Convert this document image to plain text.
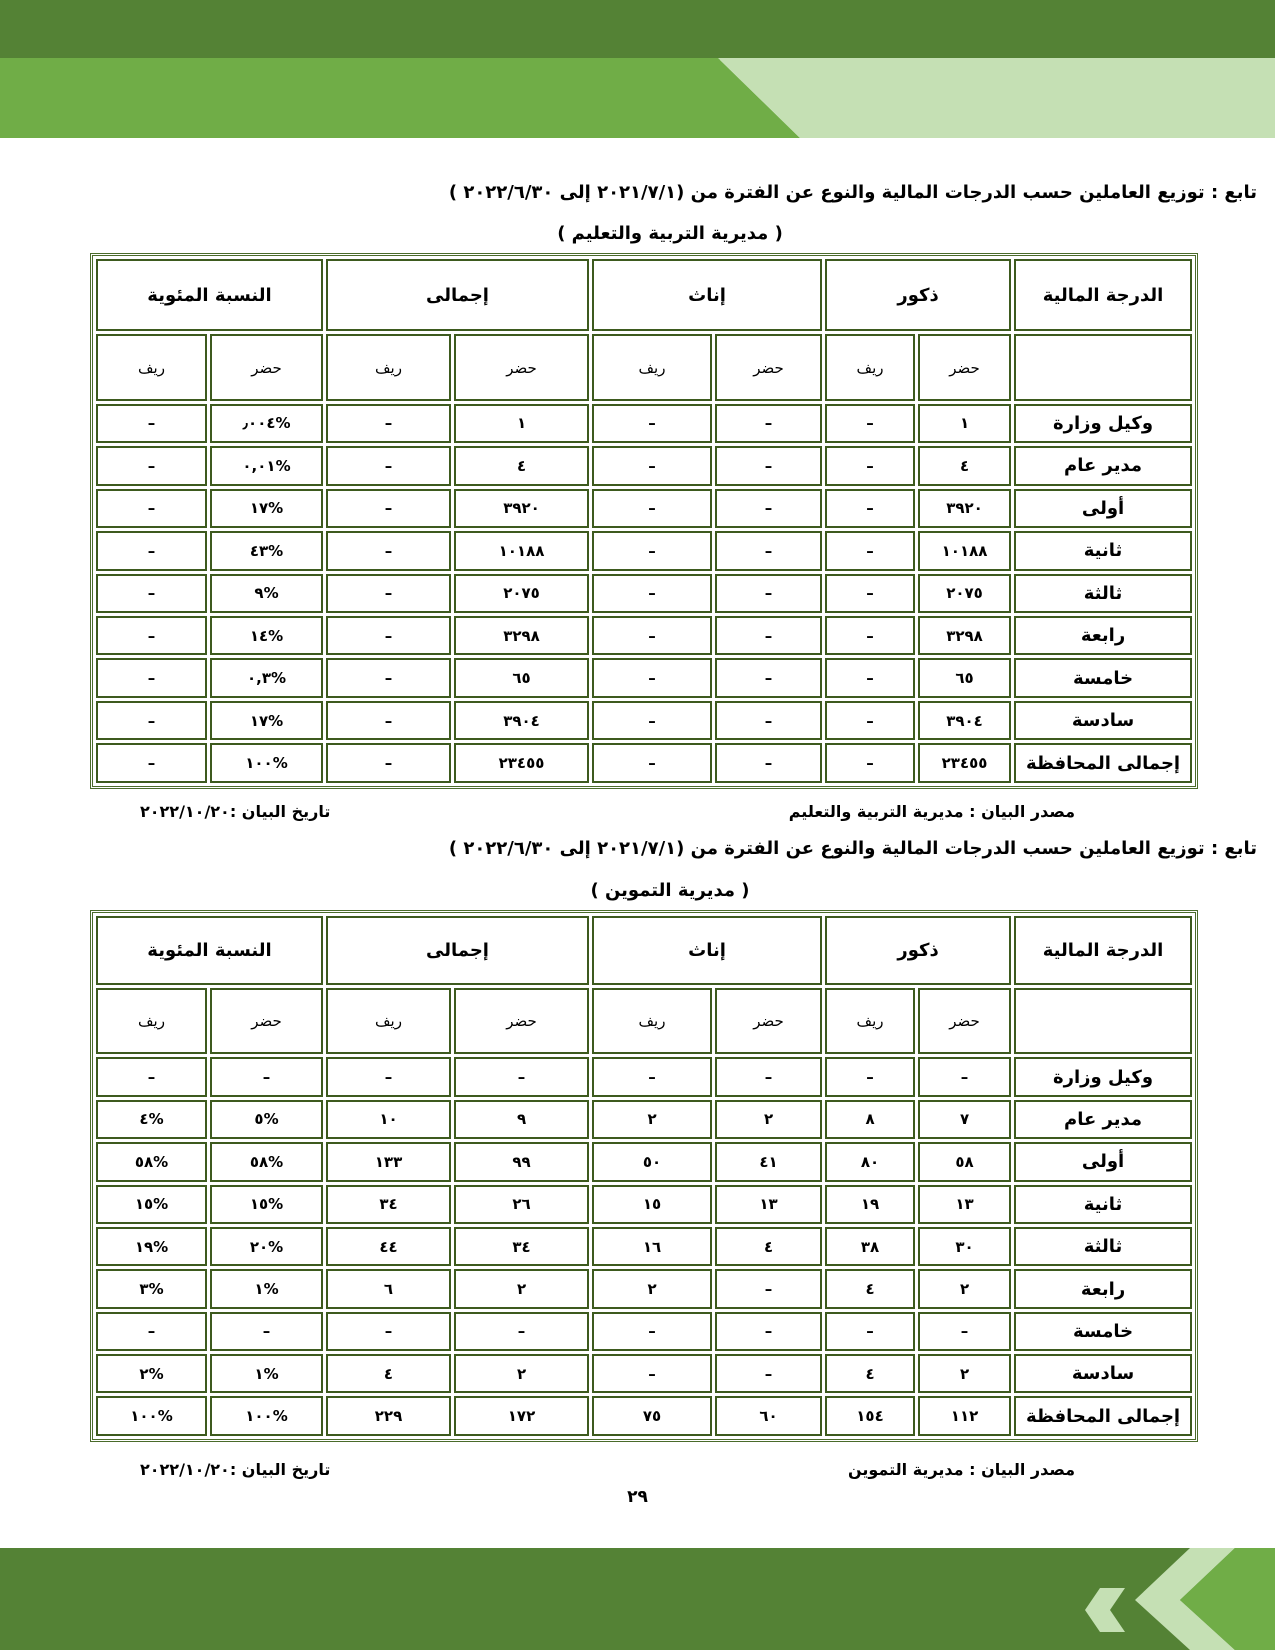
تابع : توزيع العاملين حسب الدرجات المالية والنوع عن الفترة من (٢٠٢١/٧/١ إلى ٢٠٢٢/٦/٣٠ )
( مديرية التربية والتعليم )
الدرجة المالية	ذكور		إناث		إجمالى		النسبة المئوية	
	حضر	ريف	حضر	ريف	حضر	ريف	حضر	ريف
وكيل وزارة	١	–	–	–	١	–	%٫٠٠٤	–
مدير عام	٤	–	–	–	٤	–	%٠,٠١	–
أولى	٣٩٢٠	–	–	–	٣٩٢٠	–	%١٧	–
ثانية	١٠١٨٨	–	–	–	١٠١٨٨	–	%٤٣	–
ثالثة	٢٠٧٥	–	–	–	٢٠٧٥	–	%٩	–
رابعة	٣٢٩٨	–	–	–	٣٢٩٨	–	%١٤	–
خامسة	٦٥	–	–	–	٦٥	–	%٠,٣	–
سادسة	٣٩٠٤	–	–	–	٣٩٠٤	–	%١٧	–
إجمالى المحافظة	٢٣٤٥٥	–	–	–	٢٣٤٥٥	–	%١٠٠	–
مصدر البيان : مديرية التربية والتعليم
تاريخ البيان :٢٠٢٢/١٠/٢٠
تابع : توزيع العاملين حسب الدرجات المالية والنوع عن الفترة من (٢٠٢١/٧/١ إلى ٢٠٢٢/٦/٣٠ )
( مديرية التموين )
الدرجة المالية	ذكور		إناث		إجمالى		النسبة المئوية	
	حضر	ريف	حضر	ريف	حضر	ريف	حضر	ريف
وكيل وزارة	–	–	–	–	–	–	–	–
مدير عام	٧	٨	٢	٢	٩	١٠	%٥	%٤
أولى	٥٨	٨٠	٤١	٥٠	٩٩	١٣٣	%٥٨	%٥٨
ثانية	١٣	١٩	١٣	١٥	٢٦	٣٤	%١٥	%١٥
ثالثة	٣٠	٣٨	٤	١٦	٣٤	٤٤	%٢٠	%١٩
رابعة	٢	٤	–	٢	٢	٦	%١	%٣
خامسة	–	–	–	–	–	–	–	–
سادسة	٢	٤	–	–	٢	٤	%١	%٢
إجمالى المحافظة	١١٢	١٥٤	٦٠	٧٥	١٧٢	٢٢٩	%١٠٠	%١٠٠
مصدر البيان : مديرية التموين
تاريخ البيان :٢٠٢٢/١٠/٢٠
٢٩
